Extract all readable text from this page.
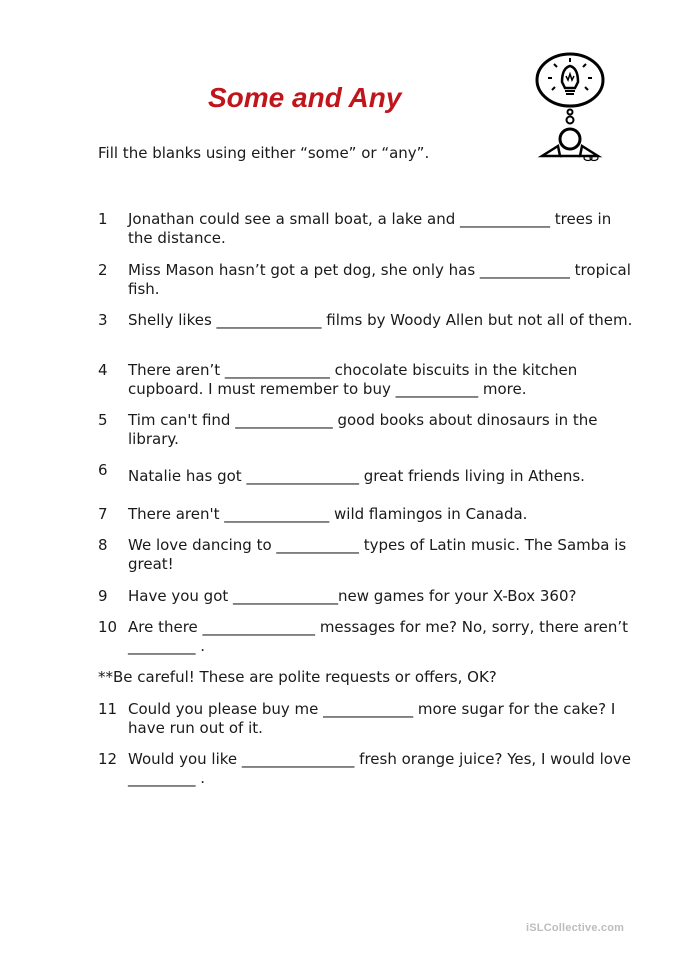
Some and Any

Fill the blanks using either “some” or “any”.

1	Jonathan could see a small boat, a lake and ____________ trees in the distance.
2	Miss Mason hasn’t got a pet dog, she only has ____________ tropical fish.
3	Shelly likes ______________ films by Woody Allen but not all of them.
4	There aren’t ______________ chocolate biscuits in the kitchen cupboard. I must remember to buy ___________ more.
5	Tim can't find _____________ good books about dinosaurs in the library.
6	Natalie has got _______________ great friends living in Athens.
7	There aren't ______________ wild flamingos in Canada.
8	We love dancing to ___________ types of Latin music. The Samba is great!
9	Have you got ______________new games for your X-Box 360?
10 Are there _______________ messages for me? No, sorry, there aren’t _________ .

**Be careful! These are polite requests or offers, OK?

11 Could you please buy me ____________ more sugar for the cake? I have run out of it.
12 Would you like _______________ fresh orange juice? Yes, I would love _________ .
iSLCollective.com
